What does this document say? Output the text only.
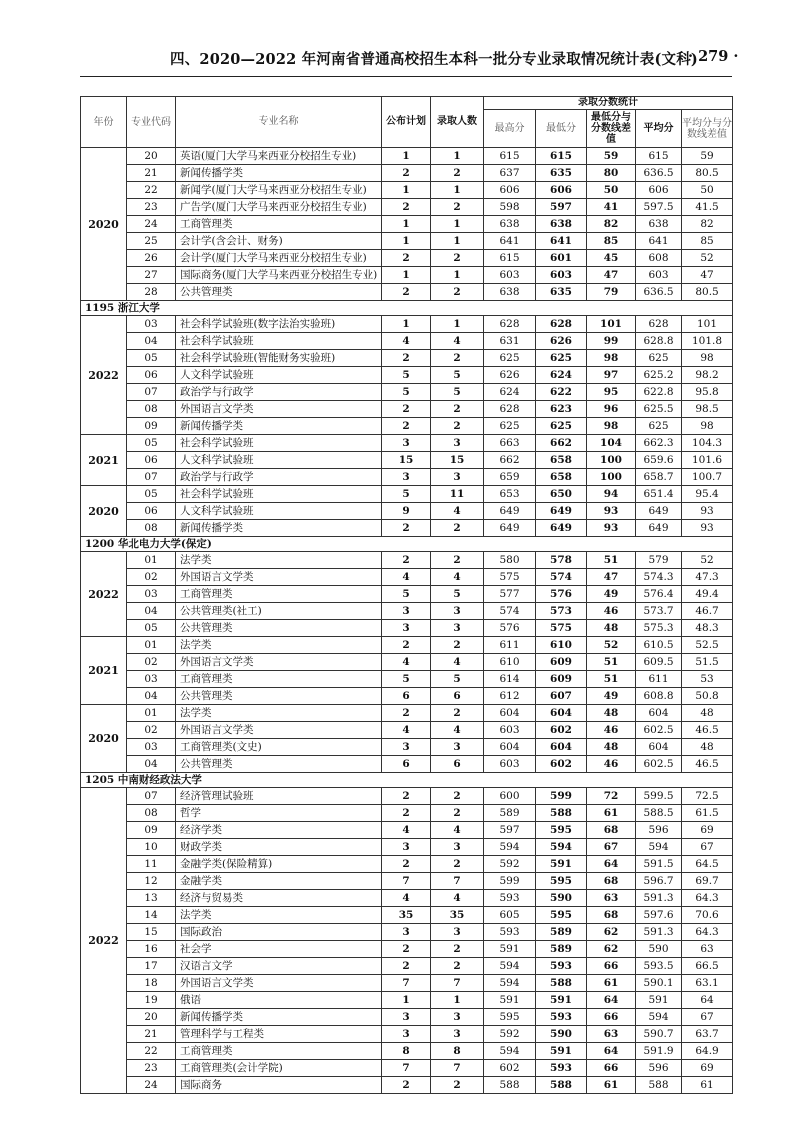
四、2020—2022 年河南省普通高校招生本科一批分专业录取情况统计表(文科)
· 279 ·
年份	专业代码	专业名称	公布计划	录取人数	录取分数统计				
					最高分	最低分	最低分与分数线差值	平均分	平均分与分数线差值
2020	20	英语(厦门大学马来西亚分校招生专业)	1	1	615	615	59	615	59
	21	新闻传播学类	2	2	637	635	80	636.5	80.5
	22	新闻学(厦门大学马来西亚分校招生专业)	1	1	606	606	50	606	50
	23	广告学(厦门大学马来西亚分校招生专业)	2	2	598	597	41	597.5	41.5
	24	工商管理类	1	1	638	638	82	638	82
	25	会计学(含会计、财务)	1	1	641	641	85	641	85
	26	会计学(厦门大学马来西亚分校招生专业)	2	2	615	601	45	608	52
	27	国际商务(厦门大学马来西亚分校招生专业)	1	1	603	603	47	603	47
	28	公共管理类	2	2	638	635	79	636.5	80.5
1195 浙江大学									
2022	03	社会科学试验班(数字法治实验班)	1	1	628	628	101	628	101
	04	社会科学试验班	4	4	631	626	99	628.8	101.8
	05	社会科学试验班(智能财务实验班)	2	2	625	625	98	625	98
	06	人文科学试验班	5	5	626	624	97	625.2	98.2
	07	政治学与行政学	5	5	624	622	95	622.8	95.8
	08	外国语言文学类	2	2	628	623	96	625.5	98.5
	09	新闻传播学类	2	2	625	625	98	625	98
2021	05	社会科学试验班	3	3	663	662	104	662.3	104.3
	06	人文科学试验班	15	15	662	658	100	659.6	101.6
	07	政治学与行政学	3	3	659	658	100	658.7	100.7
2020	05	社会科学试验班	5	11	653	650	94	651.4	95.4
	06	人文科学试验班	9	4	649	649	93	649	93
	08	新闻传播学类	2	2	649	649	93	649	93
1200 华北电力大学(保定)									
2022	01	法学类	2	2	580	578	51	579	52
	02	外国语言文学类	4	4	575	574	47	574.3	47.3
	03	工商管理类	5	5	577	576	49	576.4	49.4
	04	公共管理类(社工)	3	3	574	573	46	573.7	46.7
	05	公共管理类	3	3	576	575	48	575.3	48.3
2021	01	法学类	2	2	611	610	52	610.5	52.5
	02	外国语言文学类	4	4	610	609	51	609.5	51.5
	03	工商管理类	5	5	614	609	51	611	53
	04	公共管理类	6	6	612	607	49	608.8	50.8
2020	01	法学类	2	2	604	604	48	604	48
	02	外国语言文学类	4	4	603	602	46	602.5	46.5
	03	工商管理类(文史)	3	3	604	604	48	604	48
	04	公共管理类	6	6	603	602	46	602.5	46.5
1205 中南财经政法大学									
2022	07	经济管理试验班	2	2	600	599	72	599.5	72.5
	08	哲学	2	2	589	588	61	588.5	61.5
	09	经济学类	4	4	597	595	68	596	69
	10	财政学类	3	3	594	594	67	594	67
	11	金融学类(保险精算)	2	2	592	591	64	591.5	64.5
	12	金融学类	7	7	599	595	68	596.7	69.7
	13	经济与贸易类	4	4	593	590	63	591.3	64.3
	14	法学类	35	35	605	595	68	597.6	70.6
	15	国际政治	3	3	593	589	62	591.3	64.3
	16	社会学	2	2	591	589	62	590	63
	17	汉语言文学	2	2	594	593	66	593.5	66.5
	18	外国语言文学类	7	7	594	588	61	590.1	63.1
	19	俄语	1	1	591	591	64	591	64
	20	新闻传播学类	3	3	595	593	66	594	67
	21	管理科学与工程类	3	3	592	590	63	590.7	63.7
	22	工商管理类	8	8	594	591	64	591.9	64.9
	23	工商管理类(会计学院)	7	7	602	593	66	596	69
	24	国际商务	2	2	588	588	61	588	61
